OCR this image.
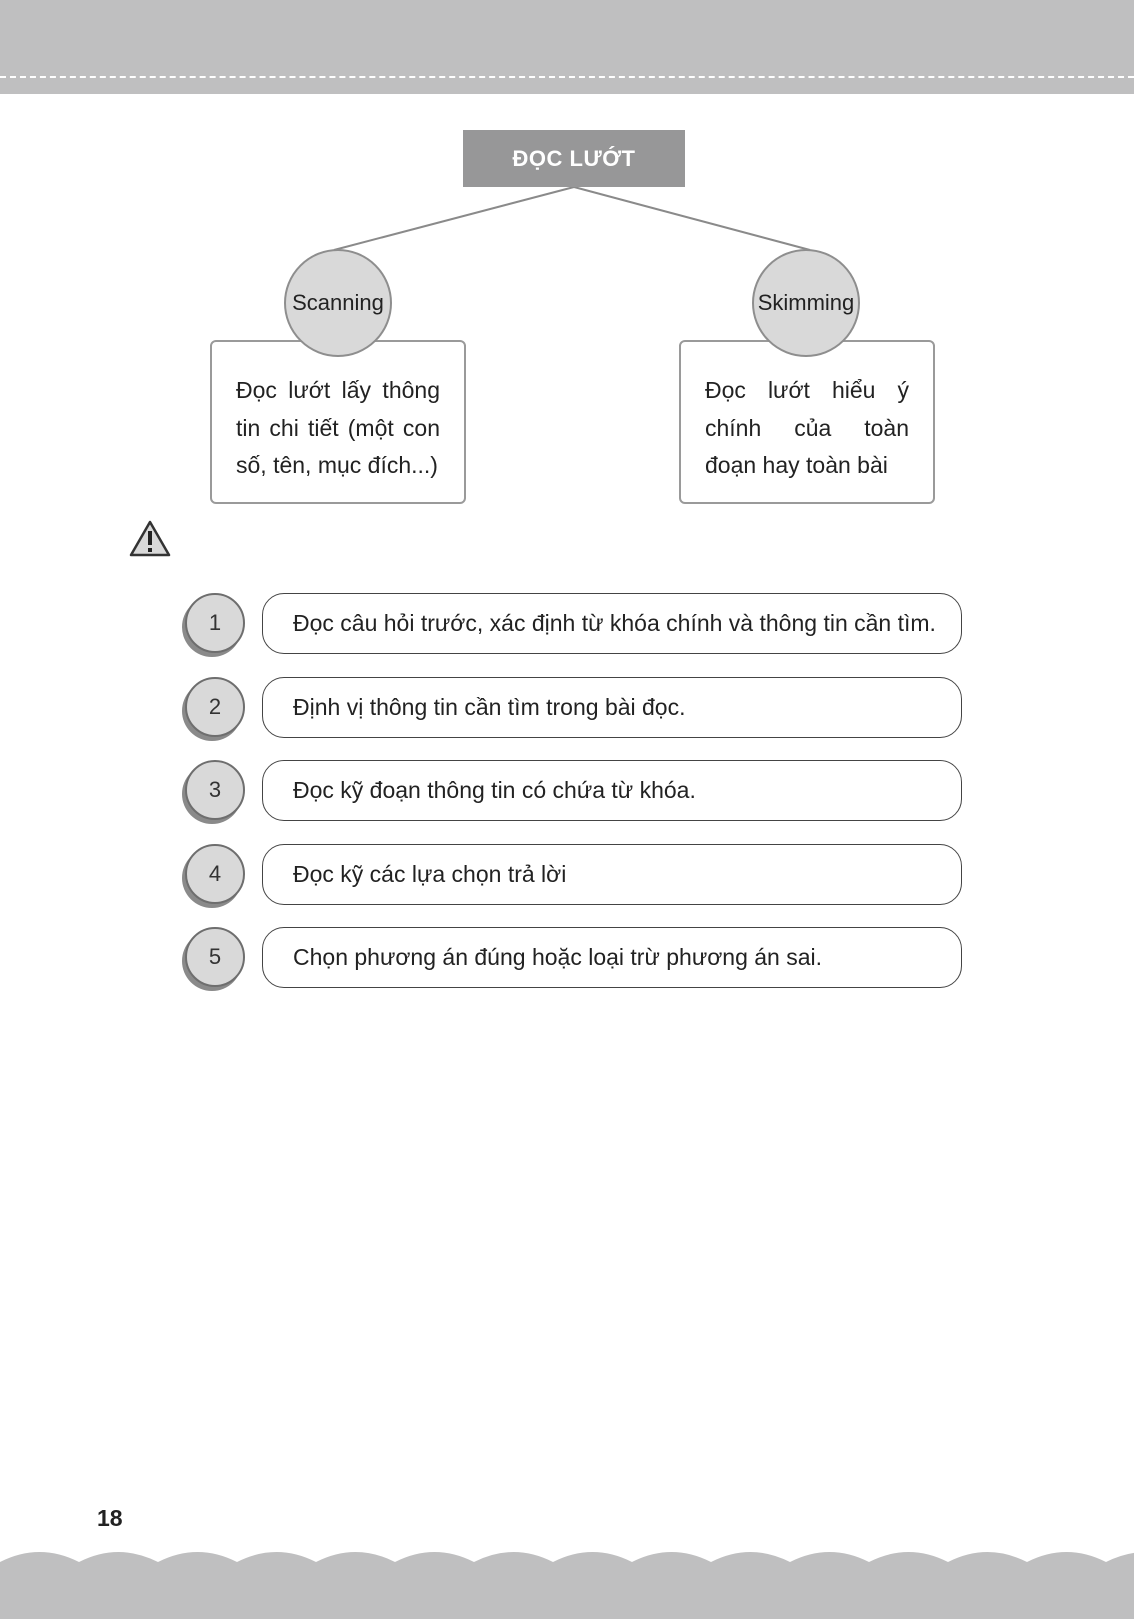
ĐỌC LƯỚT
Đọc lướt lấy thông tin chi tiết (một con số, tên, mục đích...)
Đọc lướt hiểu ý chính của toàn đoạn hay toàn bài
Scanning	Skimming
1	Đọc câu hỏi trước, xác định từ khóa chính và thông tin cần tìm.
2	Định vị thông tin cần tìm trong bài đọc.
3	Đọc kỹ đoạn thông tin có chứa từ khóa.
4	Đọc kỹ các lựa chọn trả lời
5	Chọn phương án đúng hoặc loại trừ phương án sai.
18
